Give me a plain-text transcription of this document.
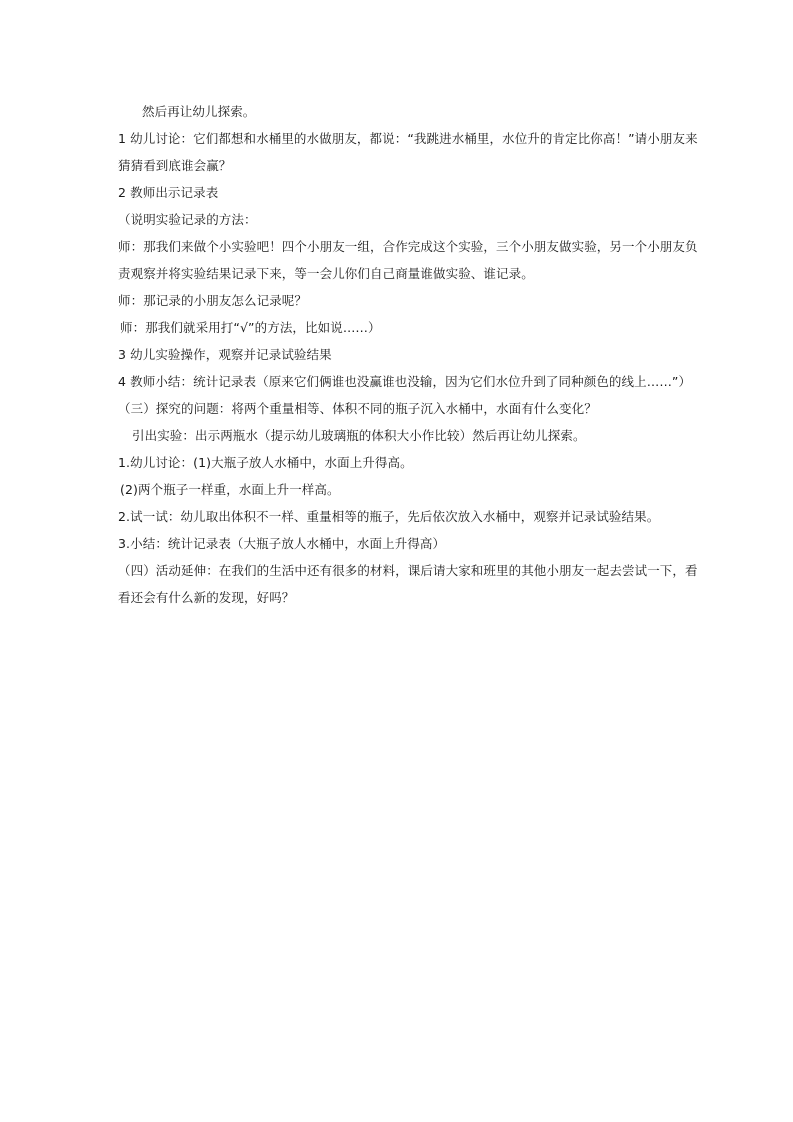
然后再让幼儿探索。
1 幼儿讨论：它们都想和水桶里的水做朋友，都说：“我跳进水桶里，水位升的肯定比你高！”请小朋友来
猜猜看到底谁会赢？
2 教师出示记录表
（说明实验记录的方法：
师：那我们来做个小实验吧！四个小朋友一组，合作完成这个实验，三个小朋友做实验，另一个小朋友负
责观察并将实验结果记录下来，等一会儿你们自己商量谁做实验、谁记录。
师：那记录的小朋友怎么记录呢？
师：那我们就采用打“√”的方法，比如说……）
3 幼儿实验操作，观察并记录试验结果
4 教师小结：统计记录表（原来它们俩谁也没赢谁也没输，因为它们水位升到了同种颜色的线上……”）
（三）探究的问题：将两个重量相等、体积不同的瓶子沉入水桶中，水面有什么变化？
引出实验：出示两瓶水（提示幼儿玻璃瓶的体积大小作比较）然后再让幼儿探索。
1.幼儿讨论：(1)大瓶子放人水桶中，水面上升得高。
(2)两个瓶子一样重，水面上升一样高。
2.试一试：幼儿取出体积不一样、重量相等的瓶子，先后依次放入水桶中，观察并记录试验结果。
3.小结：统计记录表（大瓶子放人水桶中，水面上升得高）
（四）活动延伸：在我们的生活中还有很多的材料，课后请大家和班里的其他小朋友一起去尝试一下，看
看还会有什么新的发现，好吗？
